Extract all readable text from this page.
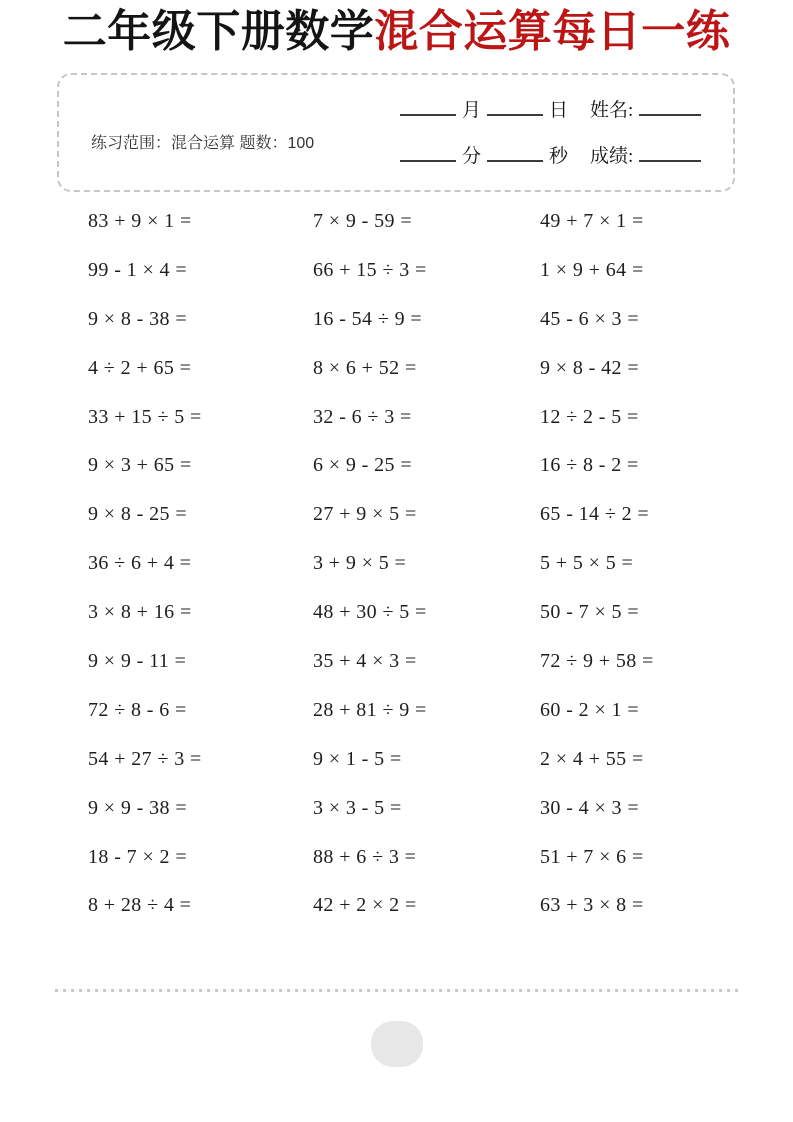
二年级下册数学混合运算每日一练
练习范围：混合运算 题数：100
月	日 姓名:
分	秒 成绩:
83 + 9 × 1 =
99 - 1 × 4 =
9 × 8 - 38 =
4 ÷ 2 + 65 =
33 + 15 ÷ 5 =
9 × 3 + 65 =
9 × 8 - 25 =
36 ÷ 6 + 4 =
3 × 8 + 16 =
9 × 9 - 11 =
72 ÷ 8 - 6 =
54 + 27 ÷ 3 =
9 × 9 - 38 =
18 - 7 × 2 =
8 + 28 ÷ 4 =
7 × 9 - 59 =
66 + 15 ÷ 3 =
16 - 54 ÷ 9 =
8 × 6 + 52 =
32 - 6 ÷ 3 =
6 × 9 - 25 =
27 + 9 × 5 =
3 + 9 × 5 =
48 + 30 ÷ 5 =
35 + 4 × 3 =
28 + 81 ÷ 9 =
9 × 1 - 5 =
3 × 3 - 5 =
88 + 6 ÷ 3 =
42 + 2 × 2 =
49 + 7 × 1 =
1 × 9 + 64 =
45 - 6 × 3 =
9 × 8 - 42 =
12 ÷ 2 - 5 =
16 ÷ 8 - 2 =
65 - 14 ÷ 2 =
5 + 5 × 5 =
50 - 7 × 5 =
72 ÷ 9 + 58 =
60 - 2 × 1 =
2 × 4 + 55 =
30 - 4 × 3 =
51 + 7 × 6 =
63 + 3 × 8 =
